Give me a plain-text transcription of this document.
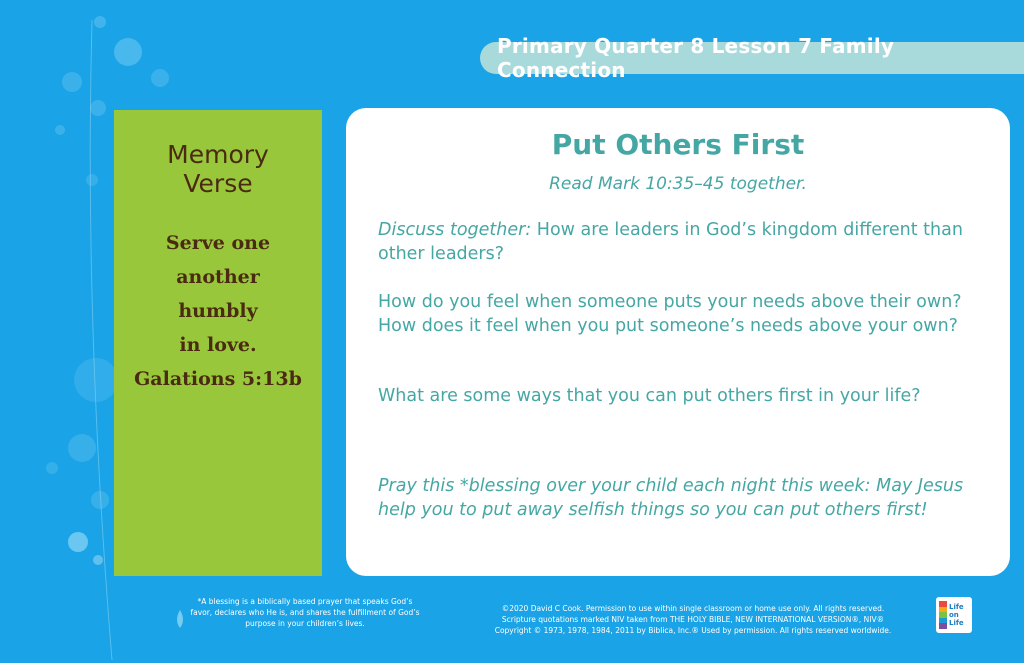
Primary Quarter 8 Lesson 7 Family Connection
Memory
Verse
Serve one
another
humbly
in love.
Galations 5:13b
Put Others First
Read Mark 10:35–45 together.
Discuss together: How are leaders in God’s kingdom different than other leaders?
How do you feel when someone puts your needs above their own? How does it feel when you put someone’s needs above your own?
What are some ways that you can put others first in your life?
Pray this *blessing over your child each night this week: May Jesus help you to put away selfish things so you can put others first!
*A blessing is a biblically based prayer that speaks God’s favor, declares who He is, and shares the fulfillment of God’s purpose in your children’s lives.
©2020 David C Cook. Permission to use within single classroom or home use only. All rights reserved.
Scripture quotations marked NIV taken from THE HOLY BIBLE, NEW INTERNATIONAL VERSION®, NIV®
Copyright © 1973, 1978, 1984, 2011 by Biblica, Inc.® Used by permission. All rights reserved worldwide.
Life
on
Life
